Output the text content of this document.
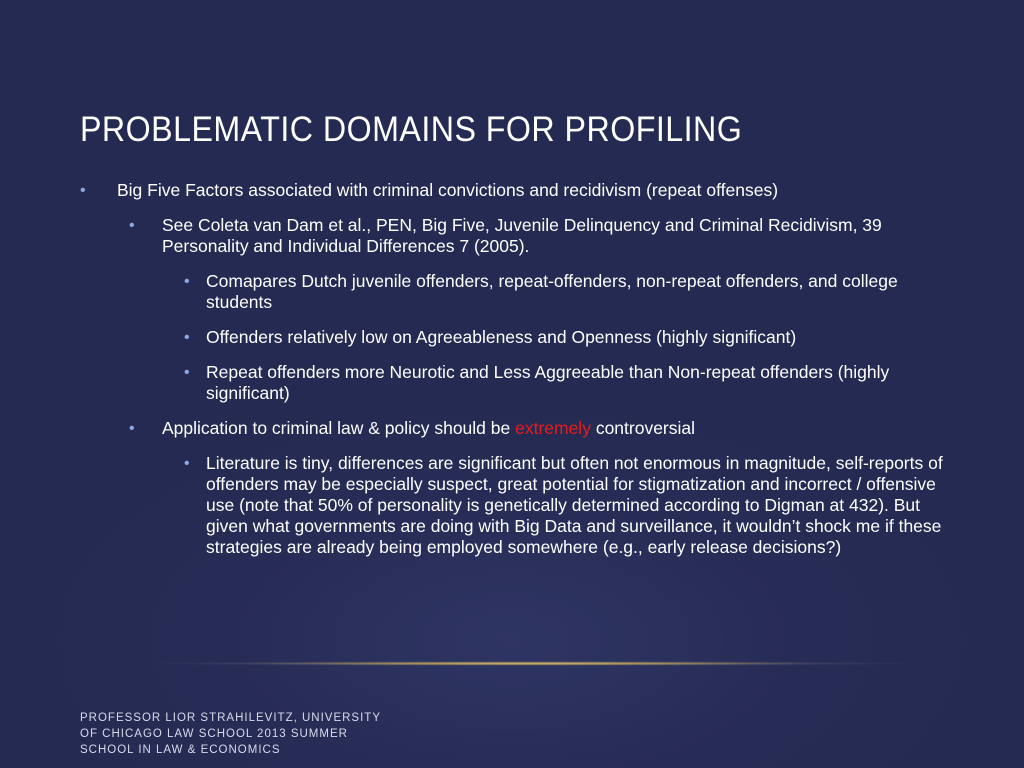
PROBLEMATIC DOMAINS FOR PROFILING
• Big Five Factors associated with criminal convictions and recidivism (repeat offenses)
• See Coleta van Dam et al., PEN, Big Five, Juvenile Delinquency and Criminal Recidivism, 39 Personality and Individual Differences 7 (2005).
• Comapares Dutch juvenile offenders, repeat-offenders, non-repeat offenders, and college students
• Offenders relatively low on Agreeableness and Openness (highly significant)
• Repeat offenders more Neurotic and Less Aggreeable than Non-repeat offenders (highly significant)
• Application to criminal law & policy should be extremely controversial
• Literature is tiny, differences are significant but often not enormous in magnitude, self-reports of offenders may be especially suspect, great potential for stigmatization and incorrect / offensive use (note that 50% of personality is genetically determined according to Digman at 432). But given what governments are doing with Big Data and surveillance, it wouldn’t shock me if these strategies are already being employed somewhere (e.g., early release decisions?)
PROFESSOR LIOR STRAHILEVITZ, UNIVERSITY OF CHICAGO LAW SCHOOL 2013 SUMMER SCHOOL IN LAW & ECONOMICS
